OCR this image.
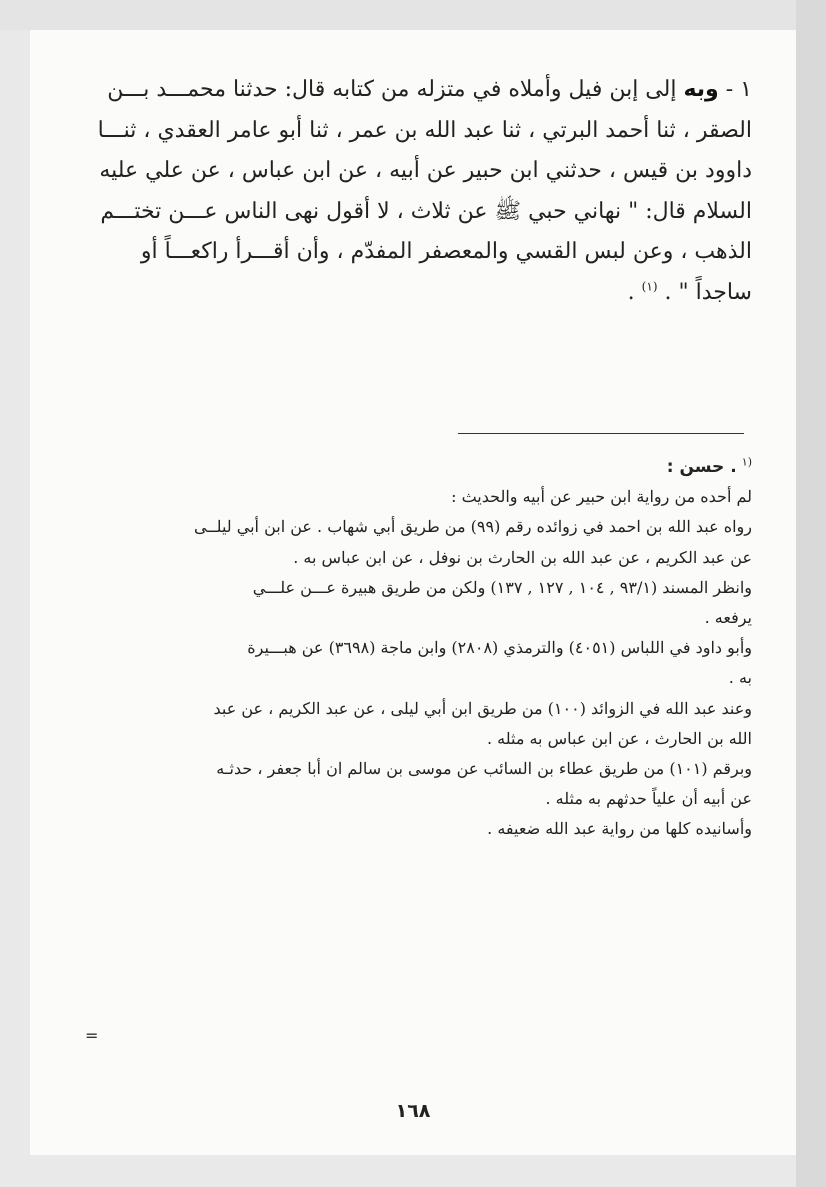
١ - وبه إلى إبن فيل وأملاه في متزله من كتابه قال: حدثنا محمـــد بـــن

الصقر ، ثنا أحمد البرتي ، ثنا عبد الله بن عمر ، ثنا أبو عامر العقدي ، ثنـــا

داوود بن قيس ، حدثني ابن حبير عن أبيه ، عن ابن عباس ، عن علي عليه

السلام قال: " نهاني حبي ﷺ عن ثلاث ، لا أقول نهى الناس عـــن تختـــم

الذهب ، وعن لبس القسي والمعصفر المفدّم ، وأن أقـــرأ راكعـــاً أو

ساجداً " . $^{(١)}$ .

$^{(١}$ . حسن :

لم أحده من رواية ابن حبير عن أبيه والحديث :

رواه عبد الله بن احمد في زوائده رقم (٩٩) من طريق أبي شهاب . عن ابن أبي ليلــى

عن عبد الكريم ، عن عبد الله بن الحارث بن نوفل ، عن ابن عباس به .

وانظر المسند (٩٣/١ , ١٠٤ , ١٢٧ , ١٣٧) ولكن من طريق هبيرة عـــن علـــي

يرفعه .

وأبو داود في اللباس (٤٠٥١) والترمذي (٢٨٠٨) وابن ماجة (٣٦٩٨) عن هبـــيرة

به .

وعند عبد الله في الزوائد (١٠٠) من طريق ابن أبي ليلى ، عن عبد الكريم ، عن عبد

الله بن الحارث ، عن ابن عباس به مثله .

وبرقم (١٠١) من طريق عطاء بن السائب عن موسى بن سالم ان أبا جعفر ، حدثـه

عن أبيه أن علياً حدثهم به مثله .

وأسانيده كلها من رواية عبد الله ضعيفه .

=
١٦٨
